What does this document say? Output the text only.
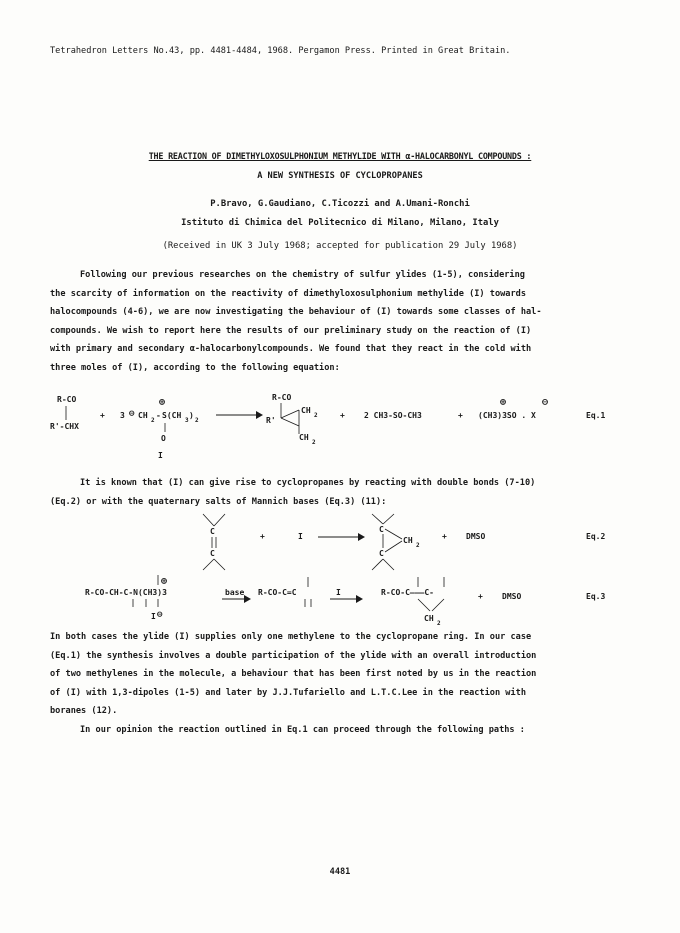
Tetrahedron Letters No.43, pp. 4481-4484, 1968. Pergamon Press. Printed in Great Britain.
THE REACTION OF DIMETHYLOXOSULPHONIUM METHYLIDE WITH α-HALOCARBONYL COMPOUNDS :
A NEW SYNTHESIS OF CYCLOPROPANES
P.Bravo, G.Gaudiano, C.Ticozzi and A.Umani-Ronchi
Istituto di Chimica del Politecnico di Milano, Milano, Italy
(Received in UK 3 July 1968; accepted for publication 29 July 1968)
Following our previous researches on the chemistry of sulfur ylides (1-5), considering
the scarcity of information on the reactivity of dimethyloxosulphonium methylide (I) towards
halocompounds (4-6), we are now investigating the behaviour of (I) towards some classes of hal-
compounds. We wish to report here the results of our preliminary study on the reaction of (I)
with primary and secondary α-halocarbonylcompounds. We found that they react in the cold with
three moles of (I), according to the following equation:
R-CO
R'-CHX
+ 3 ⊖ CH
2
- S(CH
3
)
2
⊕
O
I
R-CO
CH
2
R'
CH
2
+ 2 CH3-SO-CH3	+ (CH3)3SO . X
⊕	⊖
Eq.1
It is known that (I) can give rise to cyclopropanes by reacting with double bonds (7-10)
(Eq.2) or with the quaternary salts of Mannich bases (Eq.3) (11):
C
C
+	I
C
CH
2
C
+ DMSO	Eq.2
⊕
R-CO-CH-C-N(CH3)3
I ⊖
base R-CO-C=C	I	R-CO-C———C-
CH
2
+ DMSO	Eq.3
In both cases the ylide (I) supplies only one methylene to the cyclopropane ring. In our case
(Eq.1) the synthesis involves a double participation of the ylide with an overall introduction
of two methylenes in the molecule, a behaviour that has been first noted by us in the reaction
of (I) with 1,3-dipoles (1-5) and later by J.J.Tufariello and L.T.C.Lee in the reaction with
boranes (12).
In our opinion the reaction outlined in Eq.1 can proceed through the following paths :
4481
